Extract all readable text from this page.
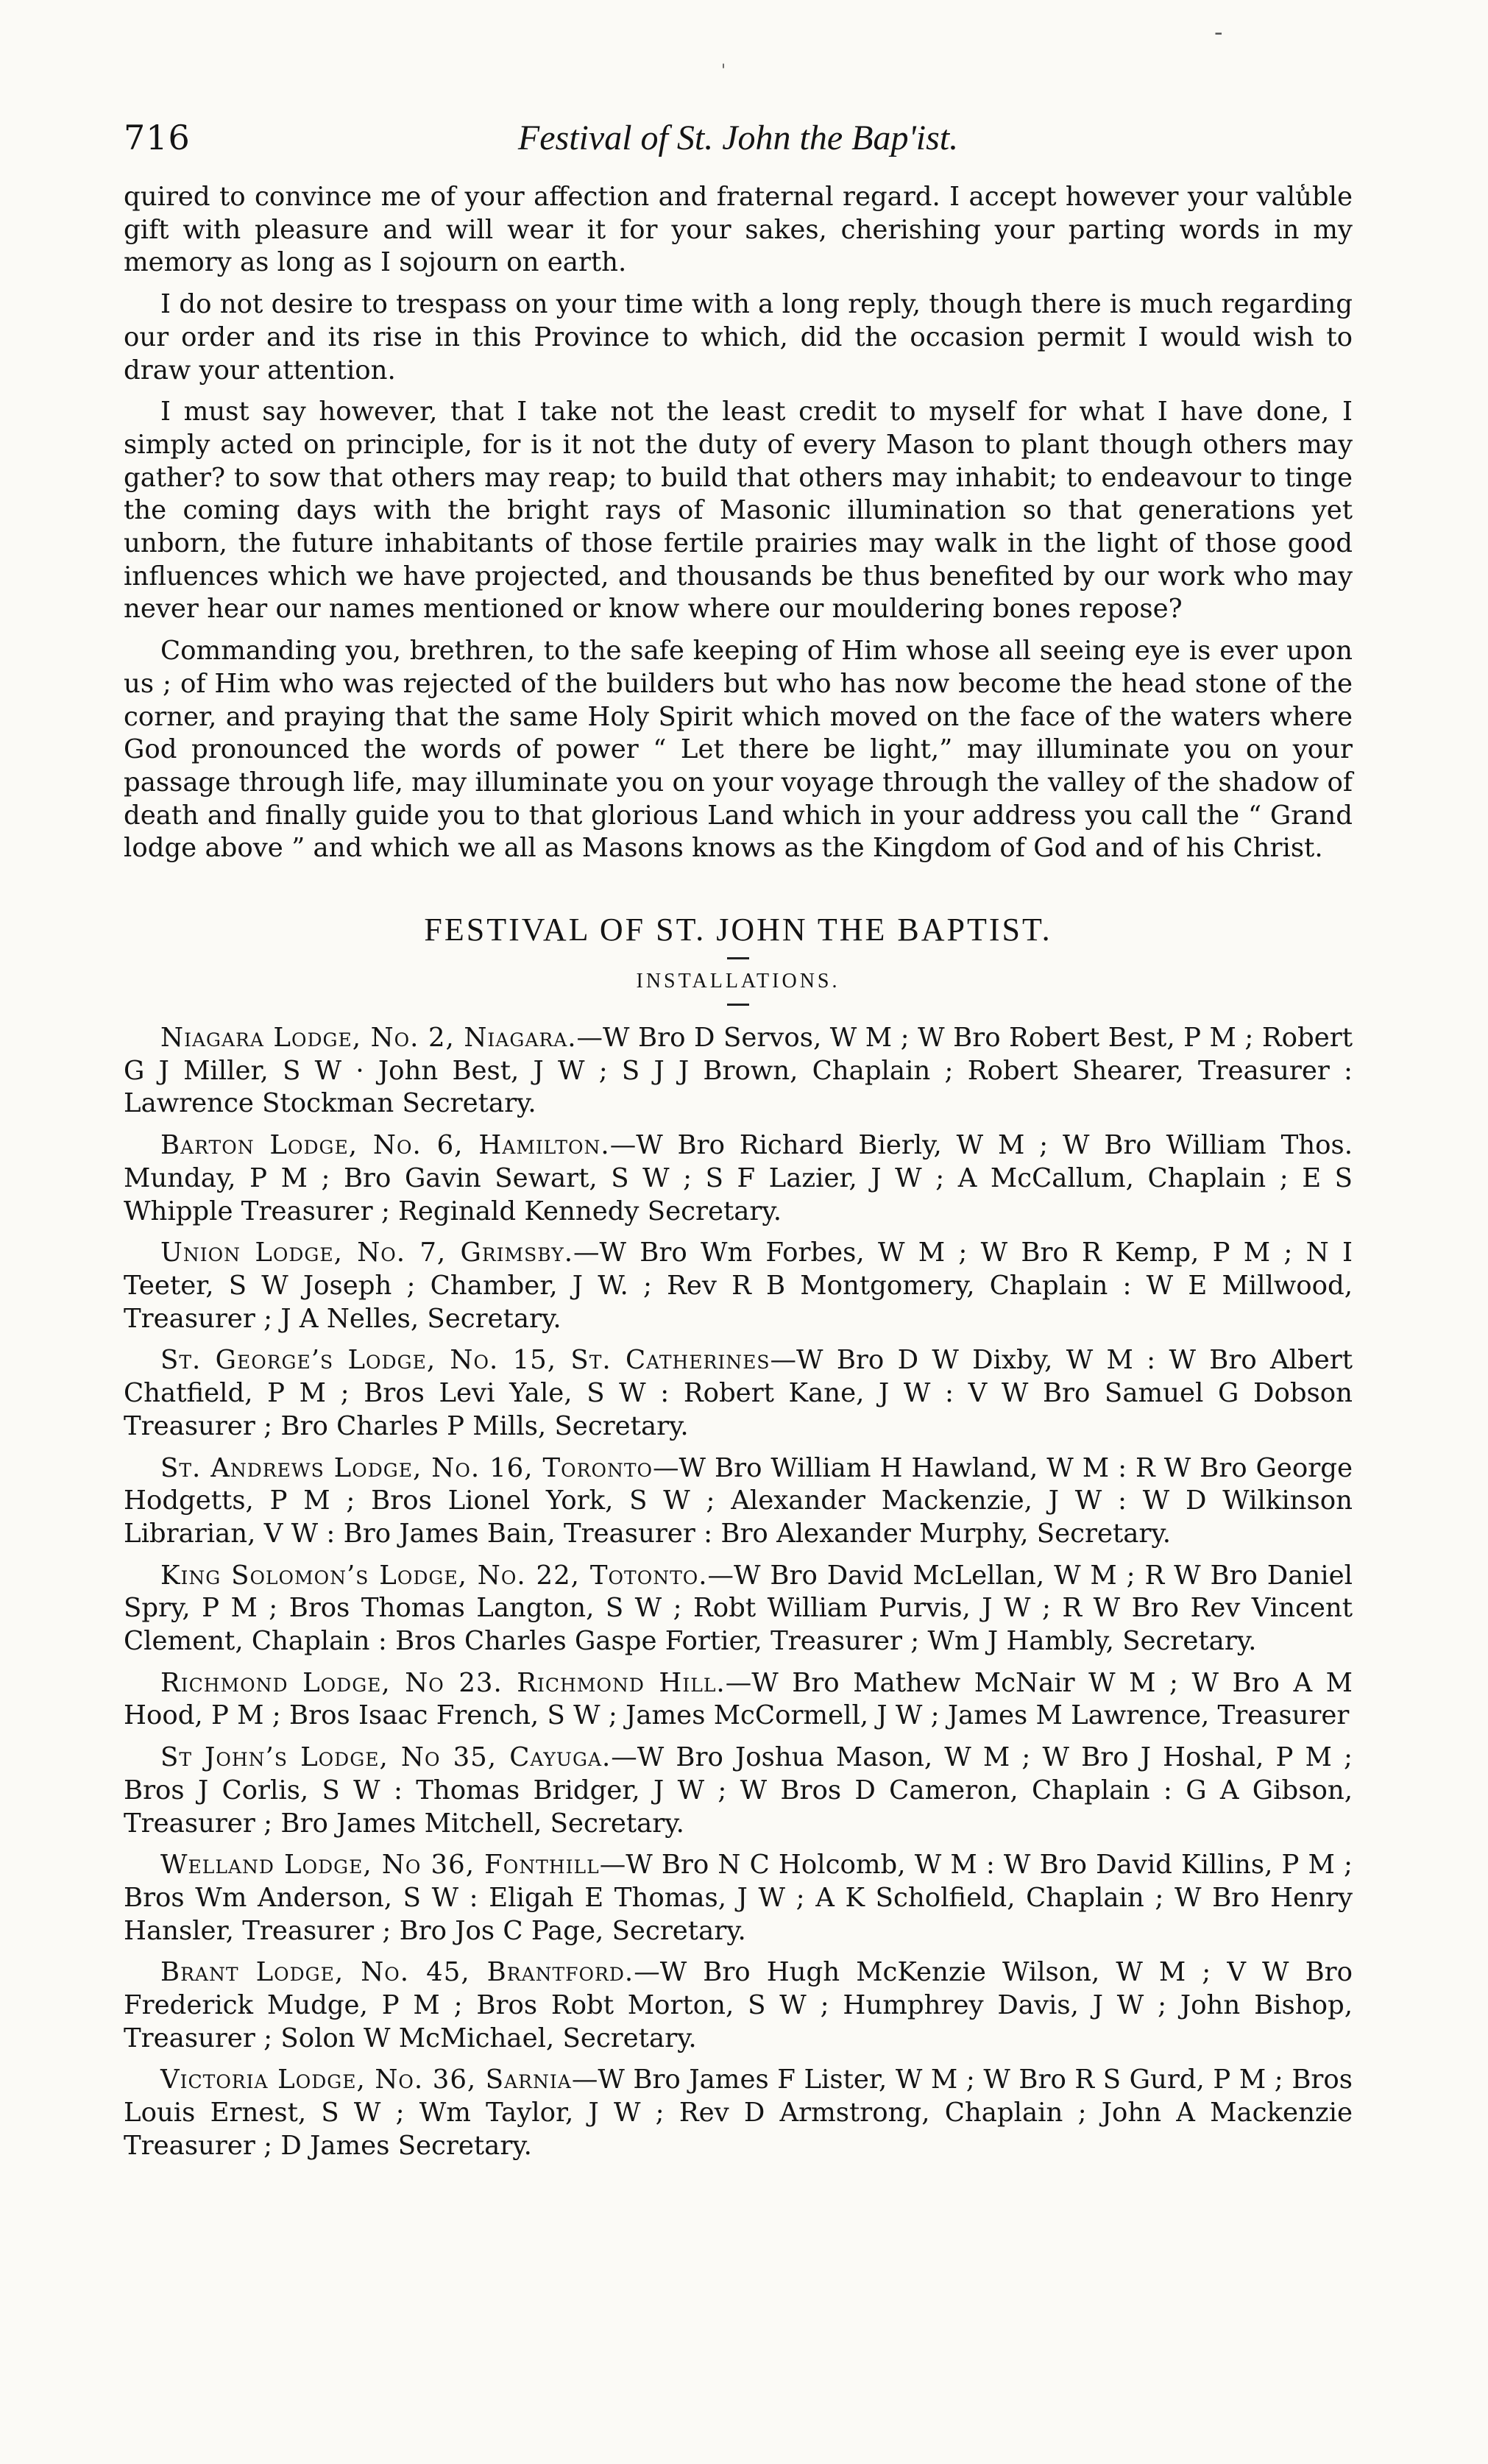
-
716	Festival of St. John the Bap'ist.

quired to convince me of your affection and fraternal regard. I accept however your valu̾ble gift with pleasure and will wear it for your sakes, cherishing your parting words in my memory as long as I sojourn on earth.

I do not desire to trespass on your time with a long reply, though there is much regarding our order and its rise in this Province to which, did the occasion permit I would wish to draw your attention.

I must say however, that I take not the least credit to myself for what I have done, I simply acted on principle, for is it not the duty of every Mason to plant though others may gather? to sow that others may reap; to build that others may inhabit; to endeavour to tinge the coming days with the bright rays of Masonic illumination so that generations yet unborn, the future inhabitants of those fertile prairies may walk in the light of those good influences which we have projected, and thousands be thus benefited by our work who may never hear our names mentioned or know where our mouldering bones repose?

Commanding you, brethren, to the safe keeping of Him whose all seeing eye is ever upon us ; of Him who was rejected of the builders but who has now become the head stone of the corner, and praying that the same Holy Spirit which moved on the face of the waters where God pronounced the words of power “ Let there be light,” may illuminate you on your passage through life, may illuminate you on your voyage through the valley of the shadow of death and finally guide you to that glorious Land which in your address you call the “ Grand lodge above ” and which we all as Masons knows as the Kingdom of God and of his Christ.

FESTIVAL OF ST. JOHN THE BAPTIST.
INSTALLATIONS.

Niagara Lodge, No. 2, Niagara.—W Bro D Servos, W M ; W Bro Robert Best, P M ; Robert G J Miller, S W · John Best, J W ; S J J Brown, Chaplain ; Robert Shearer, Treasurer : Lawrence Stockman Secretary.

Barton Lodge, No. 6, Hamilton.—W Bro Richard Bierly, W M ; W Bro William Thos. Munday, P M ; Bro Gavin Sewart, S W ; S F Lazier, J W ; A McCallum, Chaplain ; E S Whipple Treasurer ; Reginald Kennedy Secretary.

Union Lodge, No. 7, Grimsby.—W Bro Wm Forbes, W M ; W Bro R Kemp, P M ; N I Teeter, S W Joseph ; Chamber, J W. ; Rev R B Montgomery, Chaplain : W E Millwood, Treasurer ; J A Nelles, Secretary.

St. George’s Lodge, No. 15, St. Catherines—W Bro D W Dixby, W M : W Bro Albert Chatfield, P M ; Bros Levi Yale, S W : Robert Kane, J W : V W Bro Samuel G Dobson Treasurer ; Bro Charles P Mills, Secretary.

St. Andrews Lodge, No. 16, Toronto—W Bro William H Hawland, W M : R W Bro George Hodgetts, P M ; Bros Lionel York, S W ; Alexander Mackenzie, J W : W D Wilkinson Librarian, V W : Bro James Bain, Treasurer : Bro Alexander Murphy, Secretary.

King Solomon’s Lodge, No. 22, Totonto.—W Bro David McLellan, W M ; R W Bro Daniel Spry, P M ; Bros Thomas Langton, S W ; Robt William Purvis, J W ; R W Bro Rev Vincent Clement, Chaplain : Bros Charles Gaspe Fortier, Treasurer ; Wm J Hambly, Secretary.

Richmond Lodge, No 23. Richmond Hill.—W Bro Mathew McNair W M ; W Bro A M Hood, P M ; Bros Isaac French, S W ; James McCormell, J W ; James M Lawrence, Treasurer

St John’s Lodge, No 35, Cayuga.—W Bro Joshua Mason, W M ; W Bro J Hoshal, P M ; Bros J Corlis, S W : Thomas Bridger, J W ; W Bros D Cameron, Chaplain : G A Gibson, Treasurer ; Bro James Mitchell, Secretary.

Welland Lodge, No 36, Fonthill—W Bro N C Holcomb, W M : W Bro David Killins, P M ; Bros Wm Anderson, S W : Eligah E Thomas, J W ; A K Scholfield, Chaplain ; W Bro Henry Hansler, Treasurer ; Bro Jos C Page, Secretary.

Brant Lodge, No. 45, Brantford.—W Bro Hugh McKenzie Wilson, W M ; V W Bro Frederick Mudge, P M ; Bros Robt Morton, S W ; Humphrey Davis, J W ; John Bishop, Treasurer ; Solon W McMichael, Secretary.

Victoria Lodge, No. 36, Sarnia—W Bro James F Lister, W M ; W Bro R S Gurd, P M ; Bros Louis Ernest, S W ; Wm Taylor, J W ; Rev D Armstrong, Chaplain ; John A Mackenzie Treasurer ; D James Secretary.

'
